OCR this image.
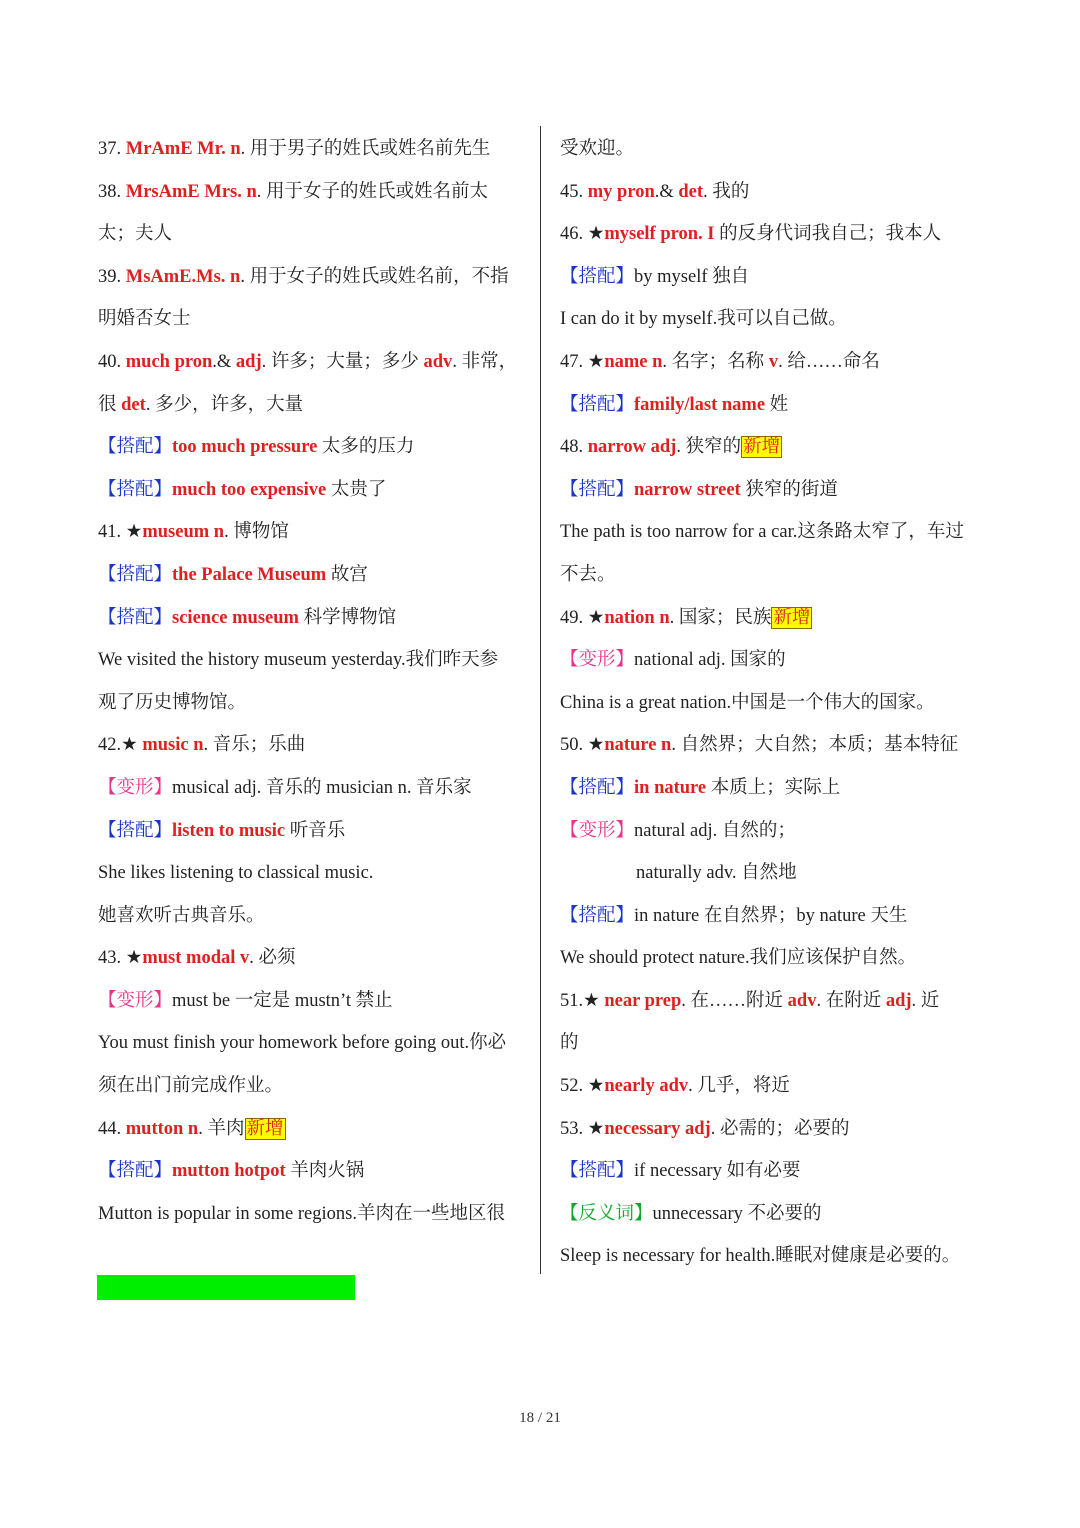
37. MrAmE Mr. n. 用于男子的姓氏或姓名前先生
38. MrsAmE Mrs. n. 用于女子的姓氏或姓名前太
太；夫人
39. MsAmE.Ms. n. 用于女子的姓氏或姓名前，不指
明婚否女士
40. much pron.& adj. 许多；大量；多少 adv. 非常，
很 det. 多少，许多，大量
【搭配】too much pressure 太多的压力
【搭配】much too expensive 太贵了
41. ★museum n. 博物馆
【搭配】the Palace Museum 故宫
【搭配】science museum 科学博物馆
We visited the history museum yesterday.我们昨天参
观了历史博物馆。
42.★ music n. 音乐；乐曲
【变形】musical adj. 音乐的 musician n. 音乐家
【搭配】listen to music 听音乐
She likes listening to classical music.
她喜欢听古典音乐。
43. ★must modal v. 必须
【变形】must be 一定是 mustn’t 禁止
You must finish your homework before going out.你必
须在出门前完成作业。
44. mutton n. 羊肉 新增
【搭配】mutton hotpot 羊肉火锅
Mutton is popular in some regions.羊肉在一些地区很
受欢迎。
45. my pron.& det. 我的
46. ★myself pron. I 的反身代词我自己；我本人
【搭配】by myself 独自
I can do it by myself.我可以自己做。
47. ★name n. 名字；名称 v. 给……命名
【搭配】family/last name 姓
48. narrow adj. 狭窄的 新增
【搭配】narrow street 狭窄的街道
The path is too narrow for a car.这条路太窄了，车过
不去。
49. ★nation n. 国家；民族 新增
【变形】national adj. 国家的
China is a great nation.中国是一个伟大的国家。
50. ★nature n. 自然界；大自然；本质；基本特征
【搭配】in nature 本质上；实际上
【变形】natural adj. 自然的；
naturally adv. 自然地
【搭配】in nature 在自然界；by nature 天生
We should protect nature.我们应该保护自然。
51.★ near prep. 在……附近 adv. 在附近 adj. 近
的
52. ★nearly adv. 几乎，将近
53. ★necessary adj. 必需的；必要的
【搭配】if necessary 如有必要
【反义词】unnecessary 不必要的
Sleep is necessary for health.睡眠对健康是必要的。
18 / 21
